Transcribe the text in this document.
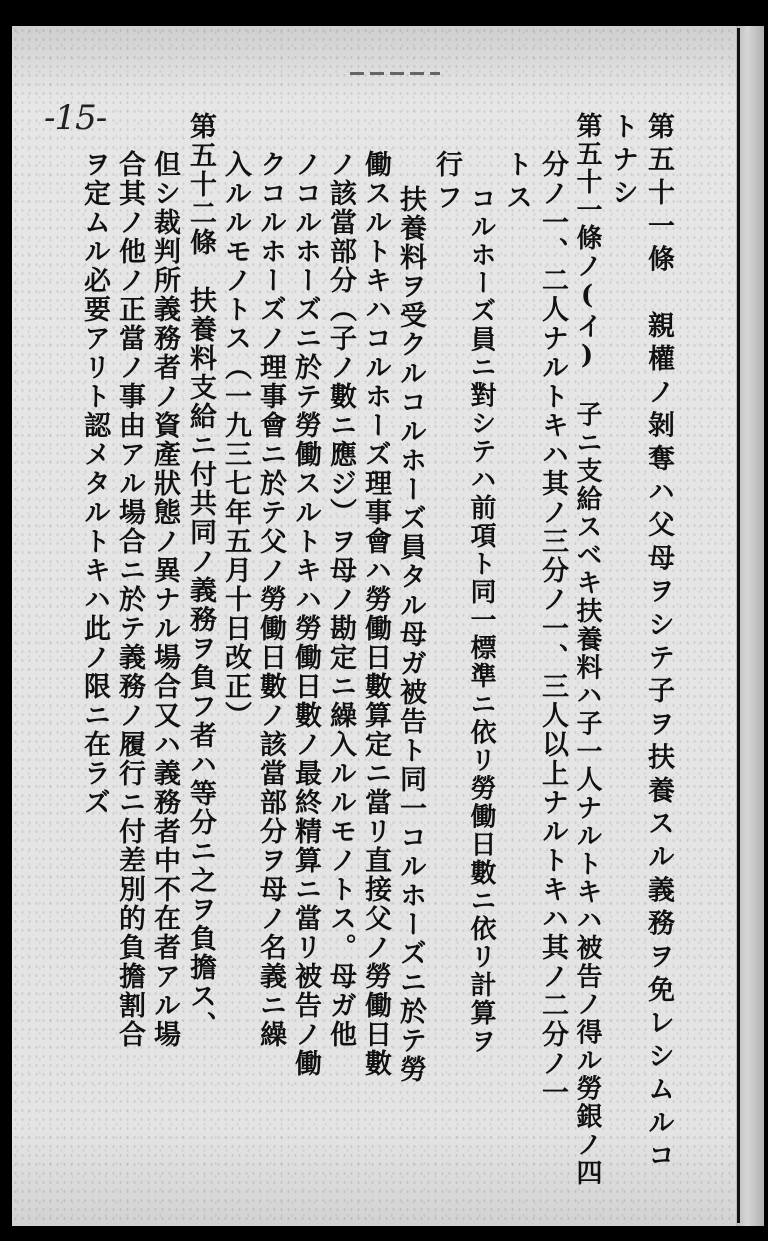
-15-	第五十一條　親權ノ剝奪ハ父母ヲシテ子ヲ扶養スル義務ヲ免レシムルコ
トナシ
第五十一條ノ(イ)　子ニ支給スベキ扶養料ハ子一人ナルトキハ被告ノ得ル勞銀ノ四
分ノ一、二人ナルトキハ其ノ三分ノ一、三人以上ナルトキハ其ノ二分ノ一
トス
コルホーズ員ニ對シテハ前項ト同一標準ニ依リ勞働日數ニ依リ計算ヲ
行フ
扶養料ヲ受クルコルホーズ員タル母ガ被告ト同一コルホーズニ於テ勞
働スルトキハコルホーズ理事會ハ勞働日數算定ニ當リ直接父ノ勞働日數
ノ該當部分（子ノ數ニ應ジ）ヲ母ノ勘定ニ繰入ルルモノトス。母ガ他
ノコルホーズニ於テ勞働スルトキハ勞働日數ノ最終精算ニ當リ被告ノ働
クコルホーズノ理事會ニ於テ父ノ勞働日數ノ該當部分ヲ母ノ名義ニ繰
入ルルモノトス（一九三七年五月十日改正）
第五十二條　扶養料支給ニ付共同ノ義務ヲ負フ者ハ等分ニ之ヲ負擔ス、
但シ裁判所義務者ノ資產狀態ノ異ナル場合又ハ義務者中不在者アル場
合其ノ他ノ正當ノ事由アル場合ニ於テ義務ノ履行ニ付差別的負擔割合
ヲ定ムル必要アリト認メタルトキハ此ノ限ニ在ラズ
